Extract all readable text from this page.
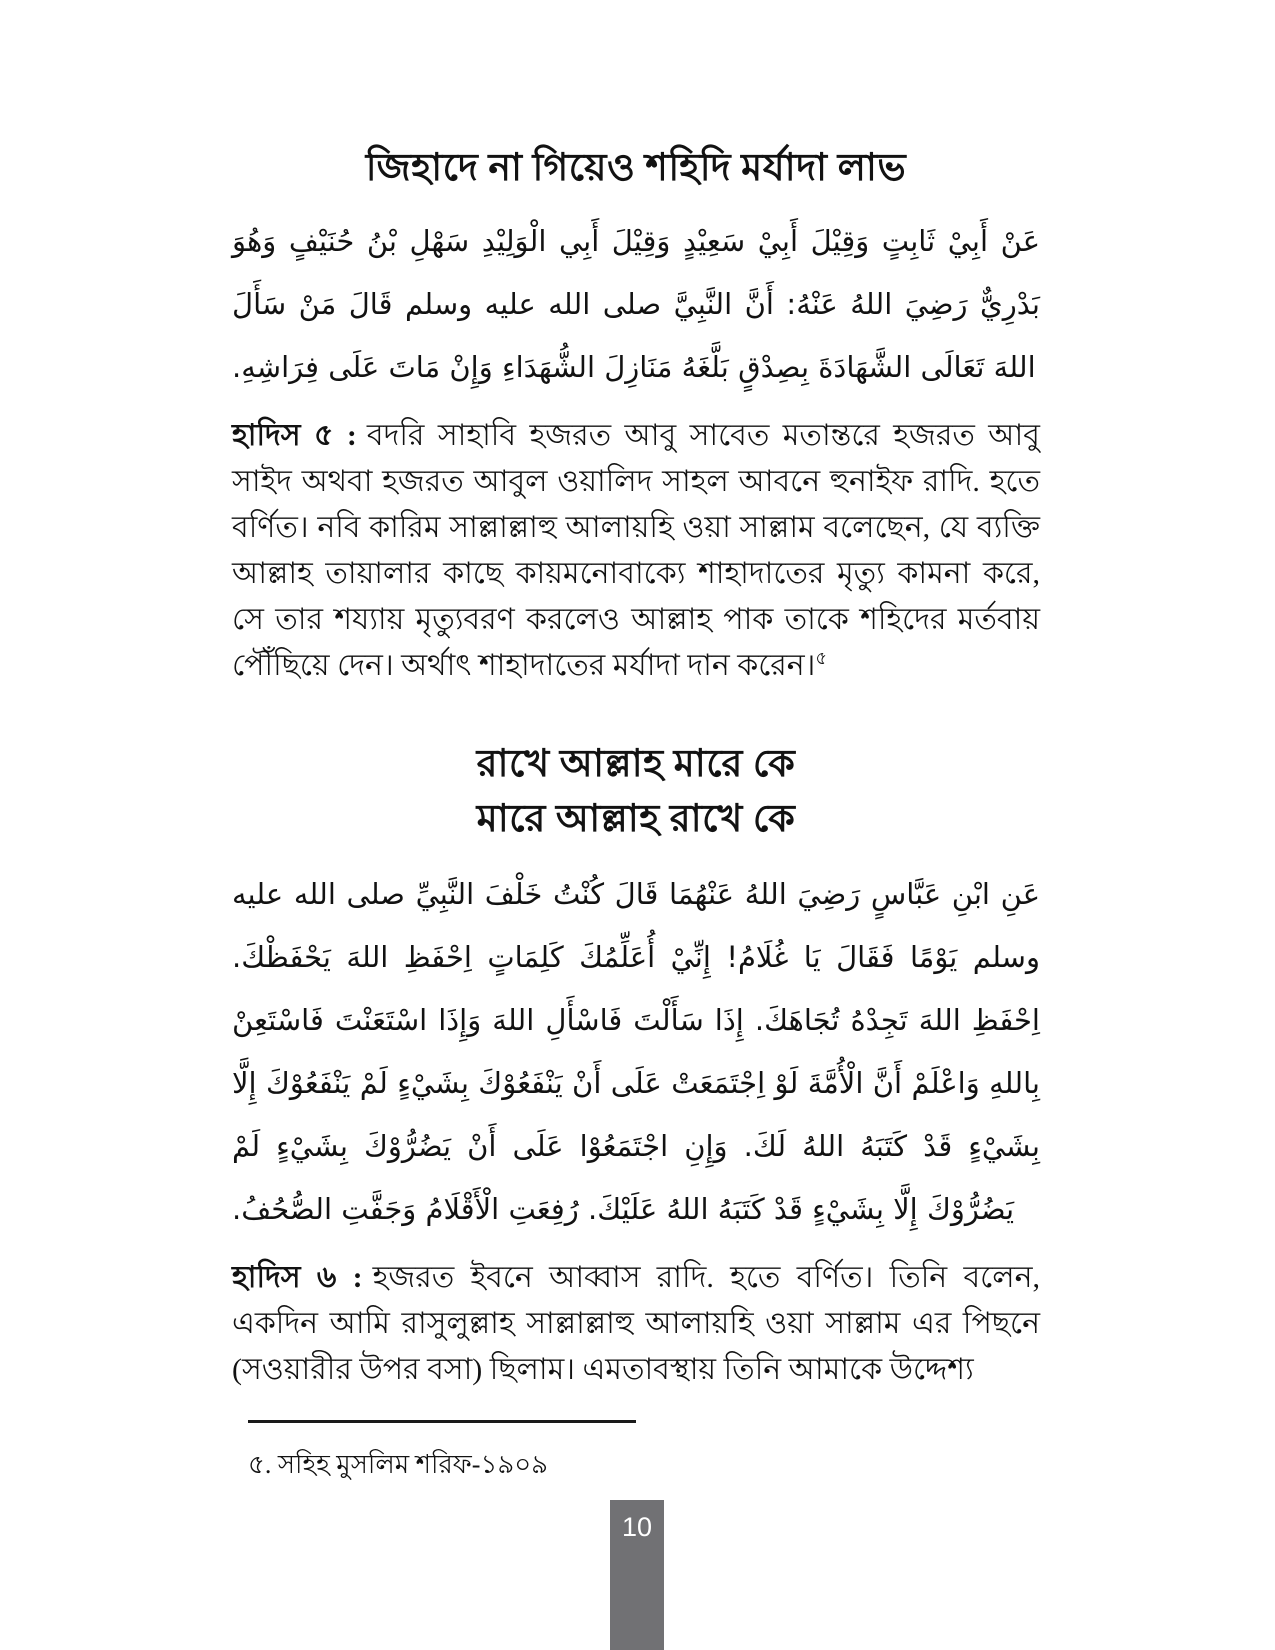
জিহাদে না গিয়েও শহিদি মর্যাদা লাভ
عَنْ أَبِيْ ثَابِتٍ وَقِيْلَ أَبِيْ سَعِيْدٍ وَقِيْلَ أَبِي الْوَلِيْدِ سَهْلِ بْنُ حُنَيْفٍ وَهُوَ بَدْرِيٌّ رَضِيَ اللهُ عَنْهُ: أَنَّ النَّبِيَّ صلى الله عليه وسلم قَالَ مَنْ سَأَلَ اللهَ تَعَالَى الشَّهَادَةَ بِصِدْقٍ بَلَّغَهُ مَنَازِلَ الشُّهَدَاءِ وَإِنْ مَاتَ عَلَى فِرَاشِهِ.

হাদিস ৫ : বদরি সাহাবি হজরত আবু সাবেত মতান্তরে হজরত আবু সাইদ অথবা হজরত আবুল ওয়ালিদ সাহল আবনে হুনাইফ রাদি. হতে বর্ণিত। নবি কারিম সাল্লাল্লাহু আলায়হি ওয়া সাল্লাম বলেছেন, যে ব্যক্তি আল্লাহ তায়ালার কাছে কায়মনোবাক্যে শাহাদাতের মৃত্যু কামনা করে, সে তার শয্যায় মৃত্যুবরণ করলেও আল্লাহ পাক তাকে শহিদের মর্তবায় পৌঁছিয়ে দেন। অর্থাৎ শাহাদাতের মর্যাদা দান করেন।$^৫$

রাখে আল্লাহ মারে কে
মারে আল্লাহ রাখে কে
عَنِ ابْنِ عَبَّاسٍ رَضِيَ اللهُ عَنْهُمَا قَالَ كُنْتُ خَلْفَ النَّبِيِّ صلى الله عليه وسلم يَوْمًا فَقَالَ يَا غُلَامُ! إِنِّيْ أُعَلِّمُكَ كَلِمَاتٍ اِحْفَظِ اللهَ يَحْفَظْكَ. اِحْفَظِ اللهَ تَجِدْهُ تُجَاهَكَ. إِذَا سَأَلْتَ فَاسْأَلِ اللهَ وَإِذَا اسْتَعَنْتَ فَاسْتَعِنْ بِاللهِ وَاعْلَمْ أَنَّ الْأُمَّةَ لَوْ اِجْتَمَعَتْ عَلَى أَنْ يَنْفَعُوْكَ بِشَيْءٍ لَمْ يَنْفَعُوْكَ إِلَّا بِشَيْءٍ قَدْ كَتَبَهُ اللهُ لَكَ. وَإِنِ اجْتَمَعُوْا عَلَى أَنْ يَضُرُّوْكَ بِشَيْءٍ لَمْ يَضُرُّوْكَ إِلَّا بِشَيْءٍ قَدْ كَتَبَهُ اللهُ عَلَيْكَ. رُفِعَتِ الْأَقْلَامُ وَجَفَّتِ الصُّحُفُ.

হাদিস ৬ : হজরত ইবনে আব্বাস রাদি. হতে বর্ণিত। তিনি বলেন, একদিন আমি রাসুলুল্লাহ সাল্লাল্লাহু আলায়হি ওয়া সাল্লাম এর পিছনে (সওয়ারীর উপর বসা) ছিলাম। এমতাবস্থায় তিনি আমাকে উদ্দেশ্য

৫. সহিহ মুসলিম শরিফ-১৯০৯
10
